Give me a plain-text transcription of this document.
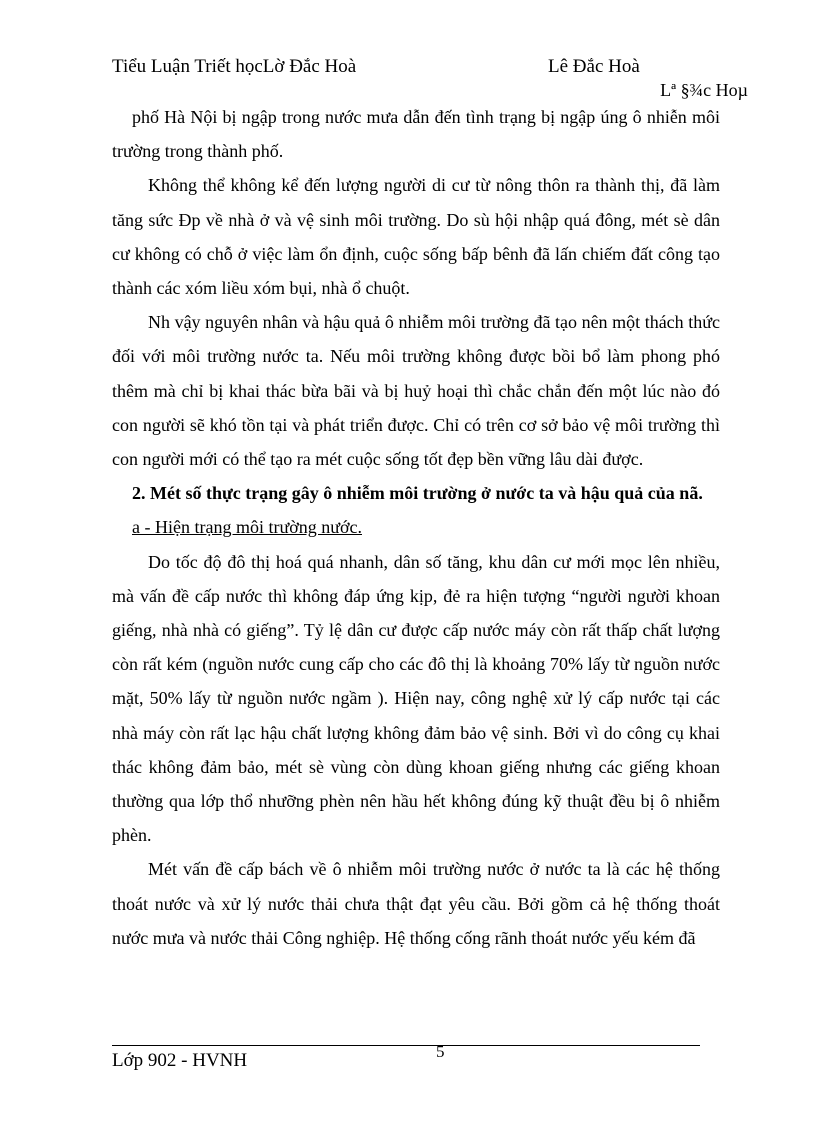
Tiểu Luận Triết họcLờ Đắc Hoà	Lê Đắc Hoà
Lª §¾c Hoµ

phố Hà Nội bị ngập trong nước mưa dẫn đến tình trạng bị ngập úng ô nhiễn môi trường trong thành phố.

Không thể không kể đến lượng người di cư từ nông thôn ra thành thị, đã làm tăng sức Ðp về nhà ở và vệ sinh môi trường. Do sù hội nhập quá đông, mét sè dân cư không có chỗ ở việc làm ổn định, cuộc sống bấp bênh đã lấn chiếm đất công tạo thành các xóm liều xóm bụi, nhà ổ chuột.

Nh vậy nguyên nhân và hậu quả ô nhiễm môi trường đã tạo nên một thách thức đối với môi trường nước ta. Nếu môi trường không được bồi bổ làm phong phó thêm mà chỉ bị khai thác bừa bãi và bị huỷ hoại thì chắc chắn đến một lúc nào đó con người sẽ khó tồn tại và phát triển được. Chỉ có trên cơ sở bảo vệ môi trường thì con người mới có thể tạo ra mét cuộc sống tốt đẹp bền vững lâu dài được.

2. Mét số thực trạng gây ô nhiễm môi trường ở nước ta và hậu quả của nã.

a - Hiện trạng môi trường nước.

Do tốc độ đô thị hoá quá nhanh, dân số tăng, khu dân cư mới mọc lên nhiều, mà vấn đề cấp nước thì không đáp ứng kịp, đẻ ra hiện tượng “người người khoan giếng, nhà nhà có giếng”. Tỷ lệ dân cư được cấp nước máy còn rất thấp chất lượng còn rất kém (nguồn nước cung cấp cho các đô thị là khoảng 70% lấy từ nguồn nước mặt, 50% lấy từ nguồn nước ngầm ). Hiện nay, công nghệ xử lý cấp nước tại các nhà máy còn rất lạc hậu chất lượng không đảm bảo vệ sinh. Bởi vì do công cụ khai thác không đảm bảo, mét sè vùng còn dùng khoan giếng nhưng các giếng khoan thường qua lớp thổ nhưỡng phèn nên hầu hết không đúng kỹ thuật đều bị ô nhiễm phèn.

Mét vấn đề cấp bách về ô nhiễm môi trường nước ở nước ta là các hệ thống thoát nước và xử lý nước thải chưa thật đạt yêu cầu. Bởi gồm cả hệ thống thoát nước mưa và nước thải Công nghiệp. Hệ thống cống rãnh thoát nước yếu kém đã

5
Lớp 902 - HVNH
